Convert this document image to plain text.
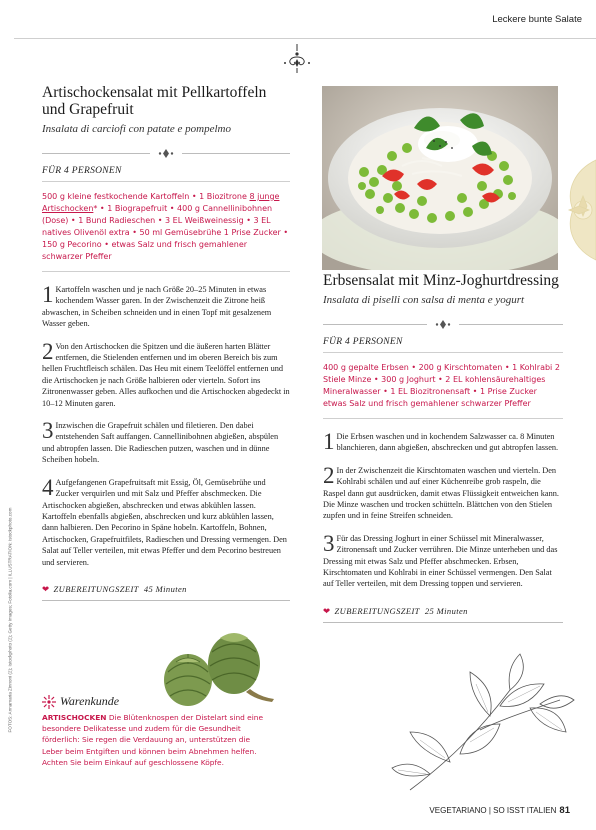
Leckere bunte Salate
FOTOS: Annamaria Zinnoni (2); Istockphoto (2); Getty Images; Fotolia.com | ILLUSTRATION: Istockphoto.com
Artischockensalat mit Pellkartoffeln und Grapefruit
Insalata di carciofi con patate e pompelmo
FÜR 4 PERSONEN
500 g kleine festkochende Kartoffeln • 1 Biozitrone 8 junge Artischocken* • 1 Biograpefruit • 400 g Cannellinibohnen (Dose) • 1 Bund Radieschen • 3 EL Weißweinessig • 3 EL natives Olivenöl extra • 50 ml Gemüsebrühe 1 Prise Zucker • 150 g Pecorino • etwas Salz und frisch gemahlener schwarzer Pfeffer
1 Kartoffeln waschen und je nach Größe 20–25 Minuten in etwas kochendem Wasser garen. In der Zwischenzeit die Zitrone heiß abwaschen, in Scheiben schneiden und in einen Topf mit gesalzenem Wasser geben.
2 Von den Artischocken die Spitzen und die äußeren harten Blätter entfernen, die Stielenden entfernen und im oberen Bereich bis zum hellen Fruchtfleisch schälen. Das Heu mit einem Teelöffel entfernen und die Artischocken je nach Größe halbieren oder vierteln. Sofort ins Zitronenwasser geben. Alles aufkochen und die Artischocken abgedeckt in 10–12 Minuten garen.
3 Inzwischen die Grapefruit schälen und filetieren. Den dabei entstehenden Saft auffangen. Cannellinibohnen abgießen, abspülen und abtropfen lassen. Die Radieschen putzen, waschen und in dünne Scheiben hobeln.
4 Aufgefangenen Grapefruitsaft mit Essig, Öl, Gemüsebrühe und Zucker verquirlen und mit Salz und Pfeffer abschmecken. Die Artischocken abgießen, abschrecken und etwas abkühlen lassen. Kartoffeln ebenfalls abgießen, abschrecken und kurz abkühlen lassen, dann halbieren. Den Pecorino in Späne hobeln. Kartoffeln, Bohnen, Artischocken, Grapefruitfilets, Radieschen und Dressing vermengen. Den Salat auf Teller verteilen, mit etwas Pfeffer und dem Pecorino bestreuen und servieren.
❤ ZUBEREITUNGSZEIT 45 Minuten
Erbsensalat mit Minz-Joghurtdressing
Insalata di piselli con salsa di menta e yogurt
FÜR 4 PERSONEN
400 g gepalte Erbsen • 200 g Kirschtomaten • 1 Kohlrabi 2 Stiele Minze • 300 g Joghurt • 2 EL kohlensäurehaltiges Mineralwasser • 1 EL Biozitronensaft • 1 Prise Zucker etwas Salz und frisch gemahlener schwarzer Pfeffer
1 Die Erbsen waschen und in kochendem Salzwasser ca. 8 Minuten blanchieren, dann abgießen, abschrecken und gut abtropfen lassen.
2 In der Zwischenzeit die Kirschtomaten waschen und vierteln. Den Kohlrabi schälen und auf einer Küchenreibe grob raspeln, die Raspel dann gut ausdrücken, damit etwas Flüssigkeit entweichen kann. Die Minze waschen und trocken schütteln. Blättchen von den Stielen zupfen und in feine Streifen schneiden.
3 Für das Dressing Joghurt in einer Schüssel mit Mineralwasser, Zitronensaft und Zucker verrühren. Die Minze unterheben und das Dressing mit etwas Salz und Pfeffer abschmecken. Erbsen, Kirschtomaten und Kohlrabi in einer Schüssel vermengen. Den Salat auf Teller verteilen, mit dem Dressing toppen und servieren.
❤ ZUBEREITUNGSZEIT 25 Minuten
Warenkunde
ARTISCHOCKEN Die Blütenknospen der Distelart sind eine besondere Delikatesse und zudem für die Gesundheit förderlich: Sie regen die Verdauung an, unterstützen die Leber beim Entgiften und können beim Abnehmen helfen. Achten Sie beim Einkauf auf geschlossene Köpfe.
VEGETARIANO | SO ISST ITALIEN 81
